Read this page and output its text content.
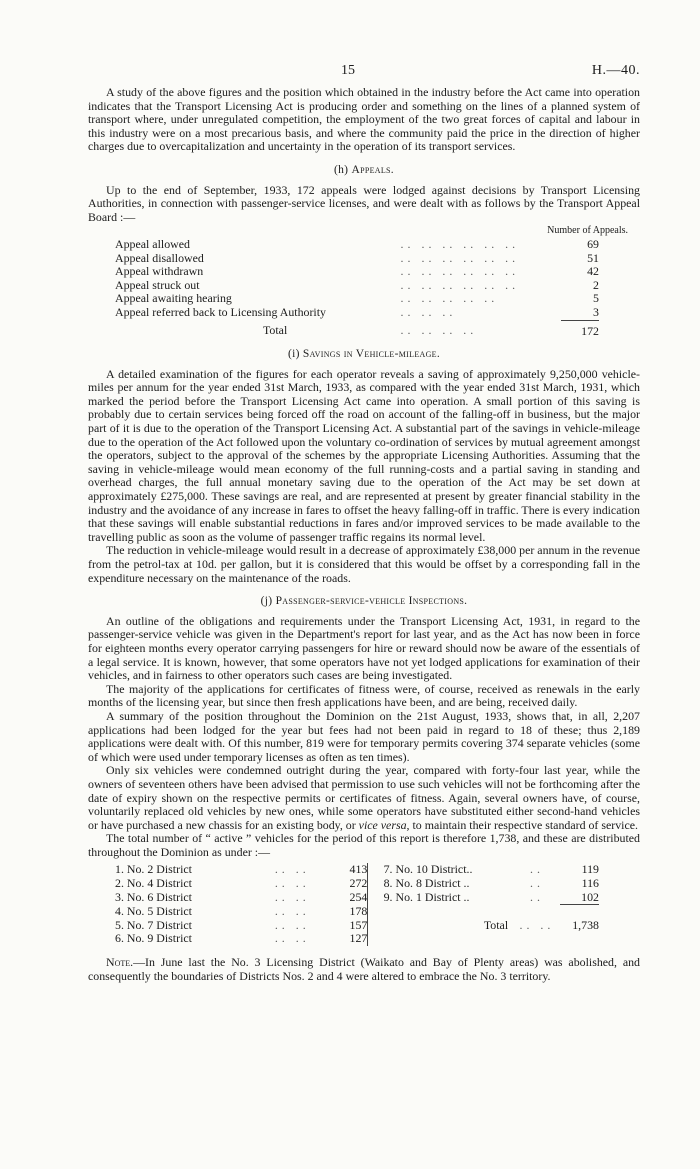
15	H.—40.

A study of the above figures and the position which obtained in the industry before the Act came into operation indicates that the Transport Licensing Act is producing order and something on the lines of a planned system of transport where, under unregulated competition, the employment of the two great forces of capital and labour in this industry were on a most precarious basis, and where the community paid the price in the direction of higher charges due to overcapitalization and uncertainty in the operation of its transport services.

(h) Appeals.

Up to the end of September, 1933, 172 appeals were lodged against decisions by Transport Licensing Authorities, in connection with passenger-service licenses, and were dealt with as follows by the Transport Appeal Board :—

Number of Appeals.
Appeal allowed	.. .. .. .. .. ..	69
Appeal disallowed	.. .. .. .. .. ..	51
Appeal withdrawn	.. .. .. .. .. ..	42
Appeal struck out	.. .. .. .. .. ..	2
Appeal awaiting hearing	.. .. .. .. ..	5
Appeal referred back to Licensing Authority	.. .. ..	3
Total	.. .. .. ..	172
(i) Savings in Vehicle-mileage.

A detailed examination of the figures for each operator reveals a saving of approximately 9,250,000 vehicle-miles per annum for the year ended 31st March, 1933, as compared with the year ended 31st March, 1931, which marked the period before the Transport Licensing Act came into operation. A small portion of this saving is probably due to certain services being forced off the road on account of the falling-off in business, but the major part of it is due to the operation of the Transport Licensing Act. A substantial part of the savings in vehicle-mileage due to the operation of the Act followed upon the voluntary co-ordination of services by mutual agreement amongst the operators, subject to the approval of the schemes by the appropriate Licensing Authorities. Assuming that the saving in vehicle-mileage would mean economy of the full running-costs and a partial saving in standing and overhead charges, the full annual monetary saving due to the operation of the Act may be set down at approximately £275,000. These savings are real, and are represented at present by greater financial stability in the industry and the avoidance of any increase in fares to offset the heavy falling-off in traffic. There is every indication that these savings will enable substantial reductions in fares and/or improved services to be made available to the travelling public as soon as the volume of passenger traffic regains its normal level.

The reduction in vehicle-mileage would result in a decrease of approximately £38,000 per annum in the revenue from the petrol-tax at 10d. per gallon, but it is considered that this would be offset by a corresponding fall in the expenditure necessary on the maintenance of the roads.

(j) Passenger-service-vehicle Inspections.

An outline of the obligations and requirements under the Transport Licensing Act, 1931, in regard to the passenger-service vehicle was given in the Department's report for last year, and as the Act has now been in force for eighteen months every operator carrying passengers for hire or reward should now be aware of the essentials of a legal service. It is known, however, that some operators have not yet lodged applications for examination of their vehicles, and in fairness to other operators such cases are being investigated.

The majority of the applications for certificates of fitness were, of course, received as renewals in the early months of the licensing year, but since then fresh applications have been, and are being, received daily.

A summary of the position throughout the Dominion on the 21st August, 1933, shows that, in all, 2,207 applications had been lodged for the year but fees had not been paid in regard to 18 of these; thus 2,189 applications were dealt with. Of this number, 819 were for temporary permits covering 374 separate vehicles (some of which were used under temporary licenses as often as ten times).

Only six vehicles were condemned outright during the year, compared with forty-four last year, while the owners of seventeen others have been advised that permission to use such vehicles will not be forthcoming after the date of expiry shown on the respective permits or certificates of fitness. Again, several owners have, of course, voluntarily replaced old vehicles by new ones, while some operators have substituted either second-hand vehicles or have purchased a new chassis for an existing body, or vice versa, to maintain their respective standard of service.

The total number of “ active ” vehicles for the period of this report is therefore 1,738, and these are distributed throughout the Dominion as under :—

1. No. 2 District	.. ..	413		7. No. 10 District..	..	119
2. No. 4 District	.. ..	272		8. No. 8 District ..	..	116
3. No. 6 District	.. ..	254		9. No. 1 District ..	..	102
4. No. 5 District	.. ..	178				
5. No. 7 District	.. ..	157		Total	.. ..	1,738
6. No. 9 District	.. ..	127				

Note.—In June last the No. 3 Licensing District (Waikato and Bay of Plenty areas) was abolished, and consequently the boundaries of Districts Nos. 2 and 4 were altered to embrace the No. 3 territory.
